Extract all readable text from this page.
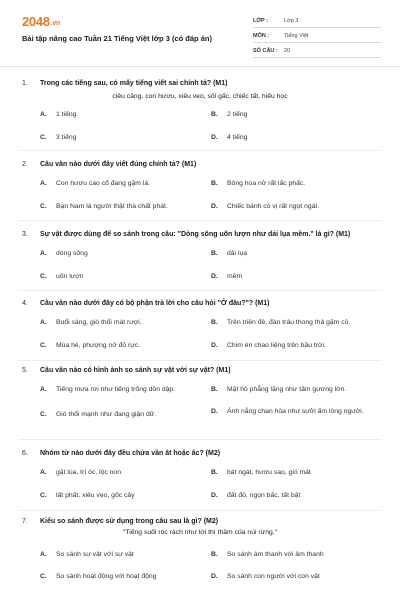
2048.vn
Bài tập nâng cao Tuần 21 Tiếng Việt lớp 3 (có đáp án)
LỚP :	Lớp 3
MÔN :	Tiếng Việt
SỐ CÂU :	20
1. Trong các tiếng sau, có mấy tiếng viết sai chính tả? (M1)
ciêu căng, con hươu, xiêu vẹo, sôi gấc, chiếc tất, hiếu học
A. 1 tiếng	B. 2 tiếng
C. 3 tiếng	D. 4 tiếng
2. Câu văn nào dưới đây viết đúng chính tả? (M1)
A. Con hươu cao cổ đang gặm lá.	B. Bông hoa nở rất lấc phấc.
C. Bạn Nam là người thật thà chất phát.	D. Chiếc bánh có vị rất ngọt ngát.
3. Sự vật được dùng để so sánh trong câu: "Dòng sông uốn lượn như dải lụa mềm." là gì? (M1)
A. dòng sông	B. dải lụa
C. uốn lượn	D. mềm
4. Câu văn nào dưới đây có bộ phận trả lời cho câu hỏi "Ở đâu?"? (M1)
A. Buổi sáng, gió thổi mát rượi.	B. Trên triền đê, đàn trâu thong thả gặm cỏ.
C. Mùa hè, phượng nở đỏ rực.	D. Chim én chao liệng trên bầu trời.
5. Câu văn nào có hình ảnh so sánh sự vật với sự vật? (M1)
A. Tiếng mưa rơi như tiếng trống dồn dập.	B. Mặt hồ phẳng lặng như tấm gương lớn.
C. Gió thổi mạnh như đang giận dữ.	D.	Ánh nắng chan hòa như sưởi ấm lòng người.
6. Nhóm từ nào dưới đây đều chứa vần ât hoặc âc? (M2)
A. gật lúa, trí óc, lộc non	B. bát ngát, hươu sao, gió mát
C. lất phất, xiêu vẹo, gốc cây	D. đất đỏ, ngọn bấc, tất bật
7. Kiểu so sánh được sử dụng trong câu sau là gì? (M2)
"Tiếng suối róc rách như lời thì thầm của núi rừng."
A. So sánh sự vật với sự vật	B. So sánh âm thanh với âm thanh
C. So sánh hoạt động với hoạt động	D. So sánh con người với con vật
